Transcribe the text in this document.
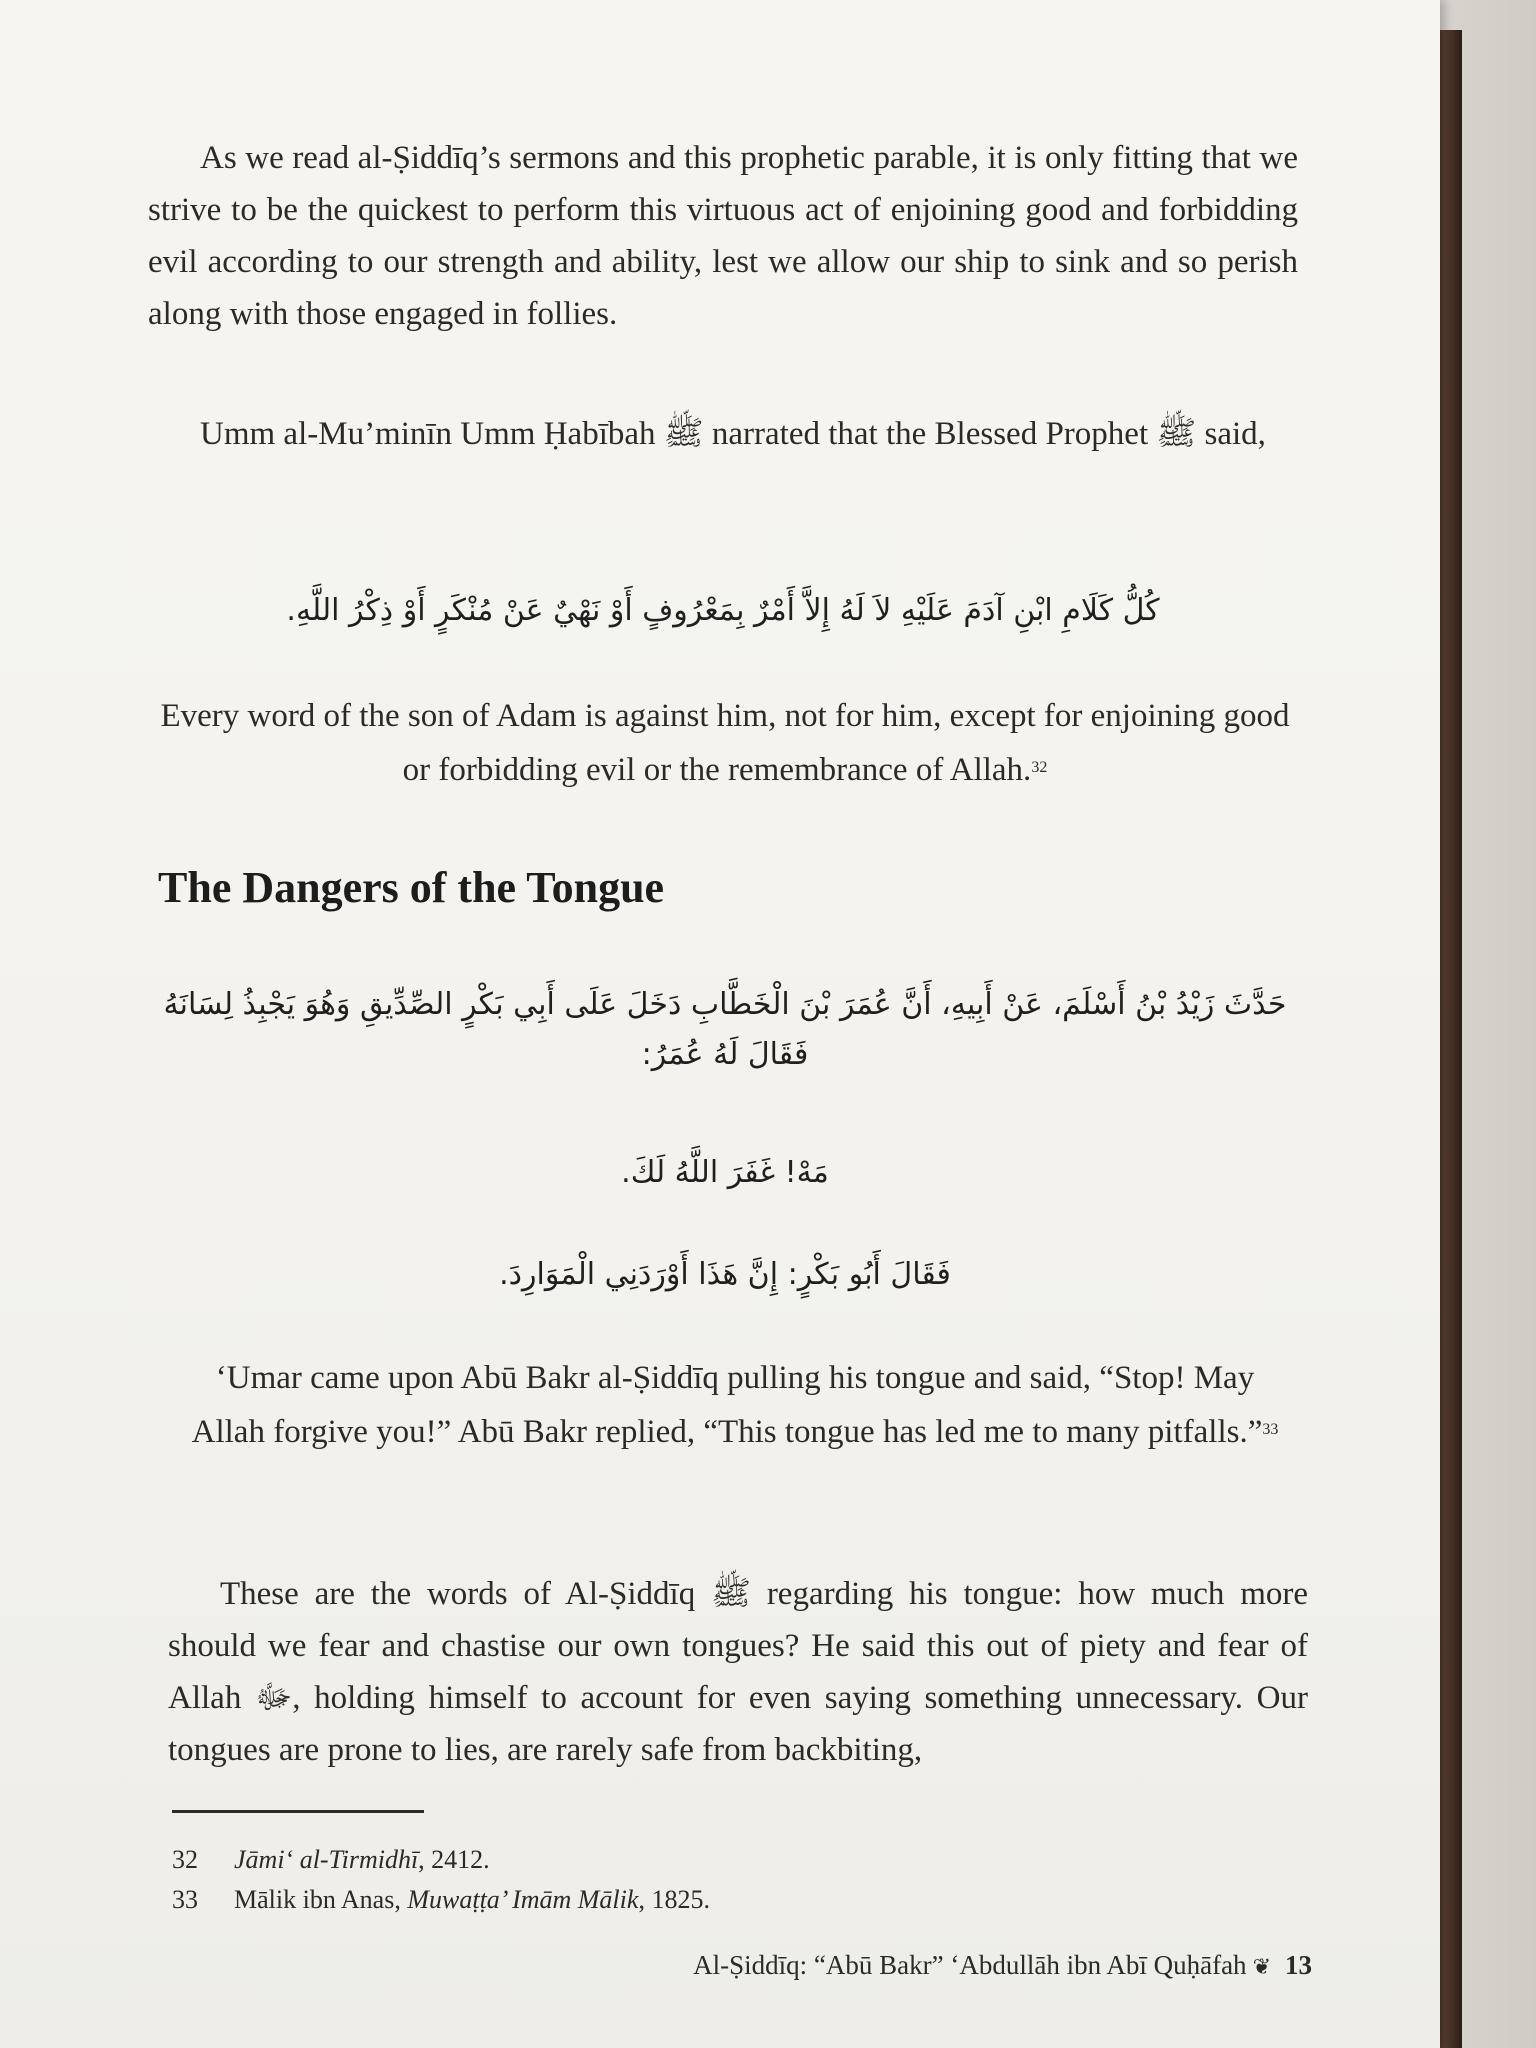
As we read al-Ṣiddīq’s sermons and this prophetic parable, it is only fitting that we strive to be the quickest to perform this virtuous act of enjoining good and forbidding evil according to our strength and ability, lest we allow our ship to sink and so perish along with those engaged in follies.

Umm al-Mu’minīn Umm Ḥabībah ﷺ narrated that the Blessed Prophet ﷺ said,

كُلُّ كَلَامِ ابْنِ آدَمَ عَلَيْهِ لاَ لَهُ إِلاَّ أَمْرٌ بِمَعْرُوفٍ أَوْ نَهْيٌ عَنْ مُنْكَرٍ أَوْ ذِكْرُ اللَّهِ.

Every word of the son of Adam is against him, not for him, except for enjoining good or forbidding evil or the remembrance of Allah.$^{32}$

The Dangers of the Tongue

حَدَّثَ زَيْدُ بْنُ أَسْلَمَ، عَنْ أَبِيهِ، أَنَّ عُمَرَ بْنَ الْخَطَّابِ دَخَلَ عَلَى أَبِي بَكْرٍ الصِّدِّيقِ وَهُوَ يَجْبِذُ لِسَانَهُ فَقَالَ لَهُ عُمَرُ:

مَهْ! غَفَرَ اللَّهُ لَكَ.

فَقَالَ أَبُو بَكْرٍ: إِنَّ هَذَا أَوْرَدَنِي الْمَوَارِدَ.

‘Umar came upon Abū Bakr al-Ṣiddīq pulling his tongue and said, “Stop! May Allah forgive you!” Abū Bakr replied, “This tongue has led me to many pitfalls.”$^{33}$

These are the words of Al-Ṣiddīq ﷺ regarding his tongue: how much more should we fear and chastise our own tongues? He said this out of piety and fear of Allah ﷻ, holding himself to account for even saying something unnecessary. Our tongues are prone to lies, are rarely safe from backbiting,

32 Jāmi‘ al-Tirmidhī, 2412.

33 Mālik ibn Anas, Muwaṭṭa’ Imām Mālik, 1825.

Al-Ṣiddīq: “Abū Bakr” ‘Abdullāh ibn Abī Quḥāfah ❦ 13
